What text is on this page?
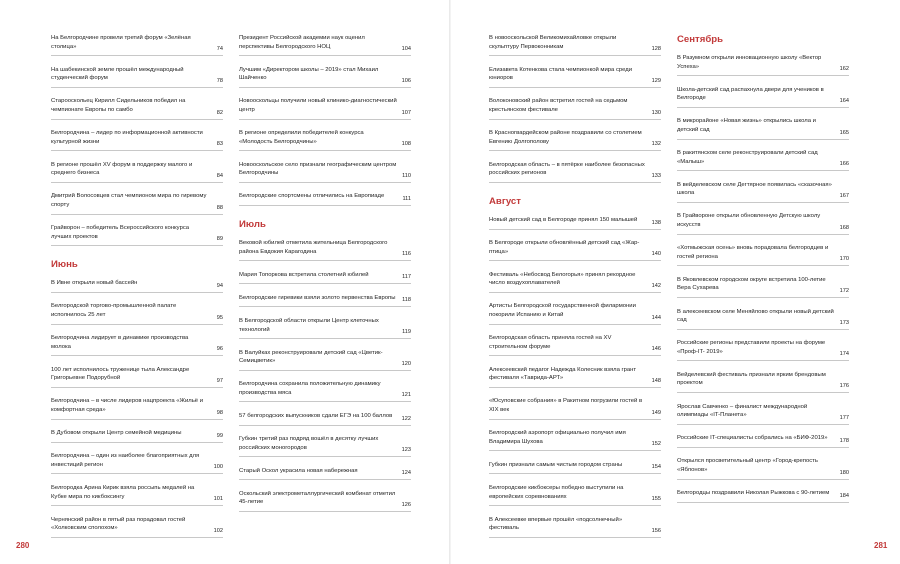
На Белгородчине провели третий форум «Зелёная столица»	74
На шабекинской земле прошёл международный студенческий форум	78
Старооскольец Кирилл Сидельников победил на чемпионате Европы по самбо	82
Белгородчина – лидер по информационной активности культурной жизни	83
В регионе прошёл XV форум в поддержку малого и среднего бизнеса	84
Дмитрий Волосовцев стал чемпионом мира по гиревому спорту	88
Грайворон – победитель Всероссийского конкурса лучших проектов	89
Июнь
В Ивне открыли новый бассейн	94
Белгородской торгово-промышленной палате исполнилось 25 лет	95
Белгородчина лидирует в динамике производства молока	96
100 лет исполнилось труженице тыла Александре Григорьевне Подорубной	97
Белгородчина – в числе лидеров нацпроекта «Жильё и комфортная среда»	98
В Дубовом открыли Центр семейной медицины	99
Белгородчина – один из наиболее благоприятных для инвестиций регион	100
Белгородка Арина Кирик взяла россыпь медалей на Кубке мира по кикбоксингу	101
Чернянский район в пятый раз порадовал гостей «Холковским сполохом»	102
Президент Российской академии наук оценил перспективы Белгородского НОЦ	104
Лучшим «Директором школы – 2019» стал Михаил Шайченко	106
Новооскольцы получили новый клинико-диагностический центр	107
В регионе определили победителей конкурса «Молодость Белгородчины»	108
Новооскольское село признали географическим центром Белгородчины	110
Белгородские спортсмены отличились на Европиаде	111
Июль
Вековой юбилей отметила жительница Белгородского района Евдокия Карагодина	116
Мария Топоркова встретила столетний юбилей	117
Белгородские гиревики взяли золото первенства Европы	118
В Белгородской области открыли Центр клеточных технологий	119
В Валуйках реконструировали детский сад «Цветик-Семицветик»	120
Белгородчина сохранила положительную динамику производства мяса	121
57 белгородских выпускников сдали ЕГЭ на 100 баллов	122
Губкин третий раз подряд вошёл в десятку лучших российских моногородов	123
Старый Оскол украсила новая набережная	124
Оскольский электрометаллургический комбинат отметил 45-летие	126
В новооскольской Великомихайловке открыли скульптуру Первоконникам	128
Елизавета Котенкова стала чемпионкой мира среди юниоров	129
Волоконовский район встретил гостей на седьмом крестьянском фестивале	130
В Красногвардейском районе поздравили со столетием Евгению Долгополову	132
Белгородская область – в пятёрке наиболее безопасных российских регионов	133
Август
Новый детский сад в Белгороде принял 150 малышей	138
В Белгороде открыли обновлённый детский сад «Жар-птица»	140
Фестиваль «Небосвод Белогорья» принял рекордное число воздухоплавателей	142
Артисты Белгородской государственной филармонии покорили Испанию и Китай	144
Белгородская область приняла гостей на XV строительном форуме	146
Алексеевский педагог Надежда Колесник взяла грант фестиваля «Таврида-АРТ»	148
«Юсуповские собрания» в Ракитном погрузили гостей в XIX век	149
Белгородский аэропорт официально получил имя Владимира Шухова	152
Губкин признали самым чистым городом страны	154
Белгородские кикбоксеры победно выступили на европейских соревнованиях	155
В Алексеевке впервые прошёл «подсолнечный» фестиваль	156
Сентябрь
В Разумном открыли инновационную школу «Вектор Успеха»	162
Школа-детский сад распахнула двери для учеников в Белгороде	164
В микрорайоне «Новая жизнь» открылись школа и детский сад	165
В ракитянском селе реконструировали детский сад «Малыш»	166
В вейделевском селе Дегтярное появилась «сказочная» школа	167
В Грайвороне открыли обновленную Детскую школу искусств	168
«Хотмыжская осень» вновь порадовала белгородцев и гостей региона	170
В Яковлевском городском округе встретила 100-летие Вера Сухарева	172
В алексеевском селе Меняйлово открыли новый детский сад	173
Российские регионы представили проекты на форуме «Проф-IT- 2019»	174
Вейделевский фестиваль признали ярким брендовым проектом	176
Ярослав Савченко – финалист международной олимпиады «IT-Планета»	177
Российские IT-специалисты собрались на «БИФ-2019»	178
Открылся просветительный центр «Город-крепость «Яблонов»	180
Белгородцы поздравили Николая Рыжкова с 90-летием	184
280	281
